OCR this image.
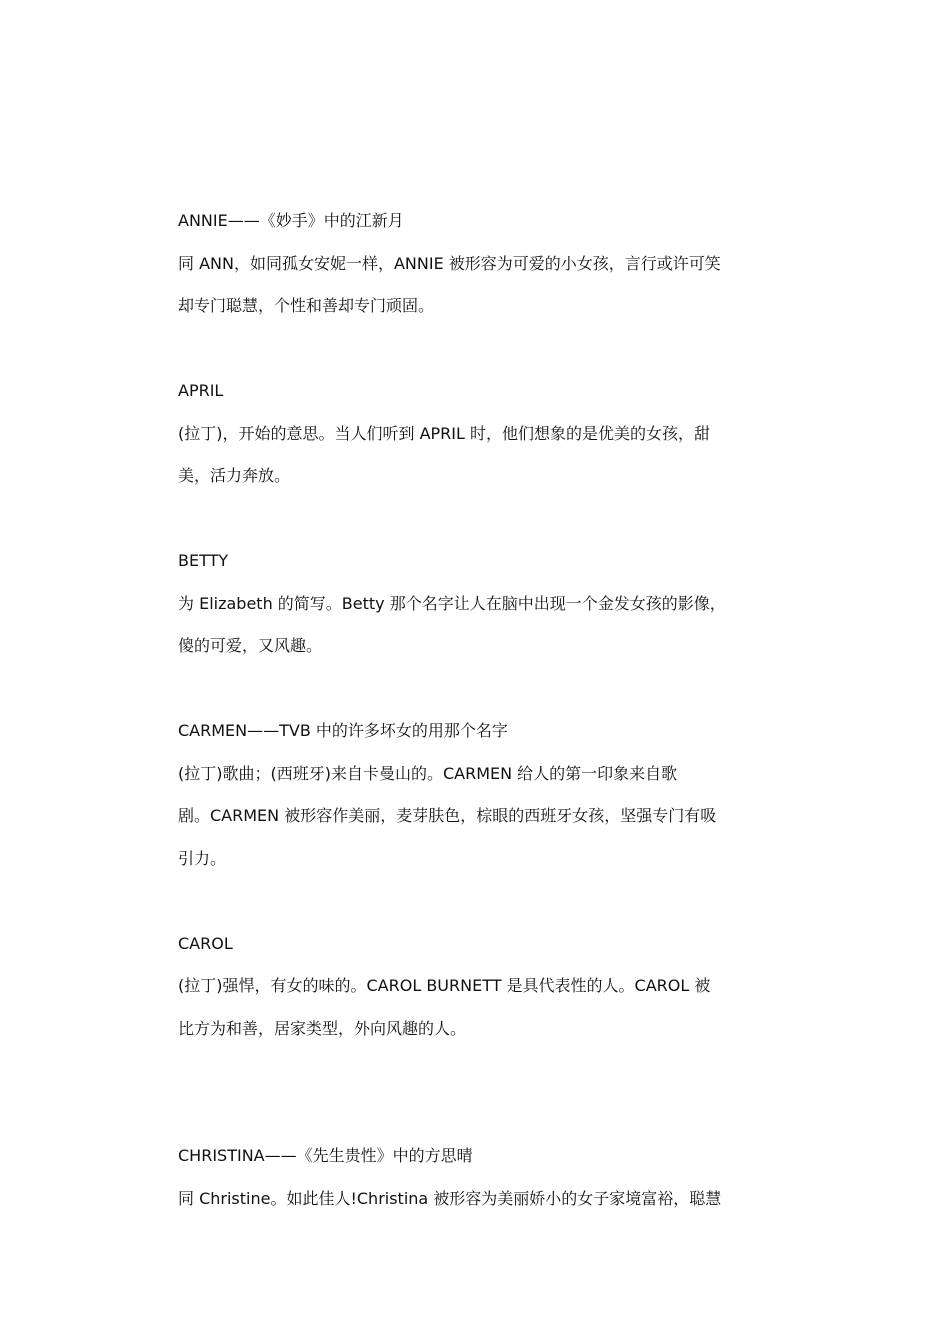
ANNIE——《妙手》中的江新月
同 ANN，如同孤女安妮一样，ANNIE 被形容为可爱的小女孩，言行或许可笑
却专门聪慧，个性和善却专门顽固。
APRIL
(拉丁)，开始的意思。当人们听到 APRIL 时，他们想象的是优美的女孩，甜
美，活力奔放。
BETTY
为 Elizabeth 的简写。Betty 那个名字让人在脑中出现一个金发女孩的影像，
傻的可爱，又风趣。
CARMEN——TVB 中的许多坏女的用那个名字
(拉丁)歌曲；(西班牙)来自卡曼山的。CARMEN 给人的第一印象来自歌
剧。CARMEN 被形容作美丽，麦芽肤色，棕眼的西班牙女孩，坚强专门有吸
引力。
CAROL
(拉丁)强悍，有女的味的。CAROL BURNETT 是具代表性的人。CAROL 被
比方为和善，居家类型，外向风趣的人。
CHRISTINA——《先生贵性》中的方思晴
同 Christine。如此佳人!Christina 被形容为美丽娇小的女子家境富裕，聪慧
